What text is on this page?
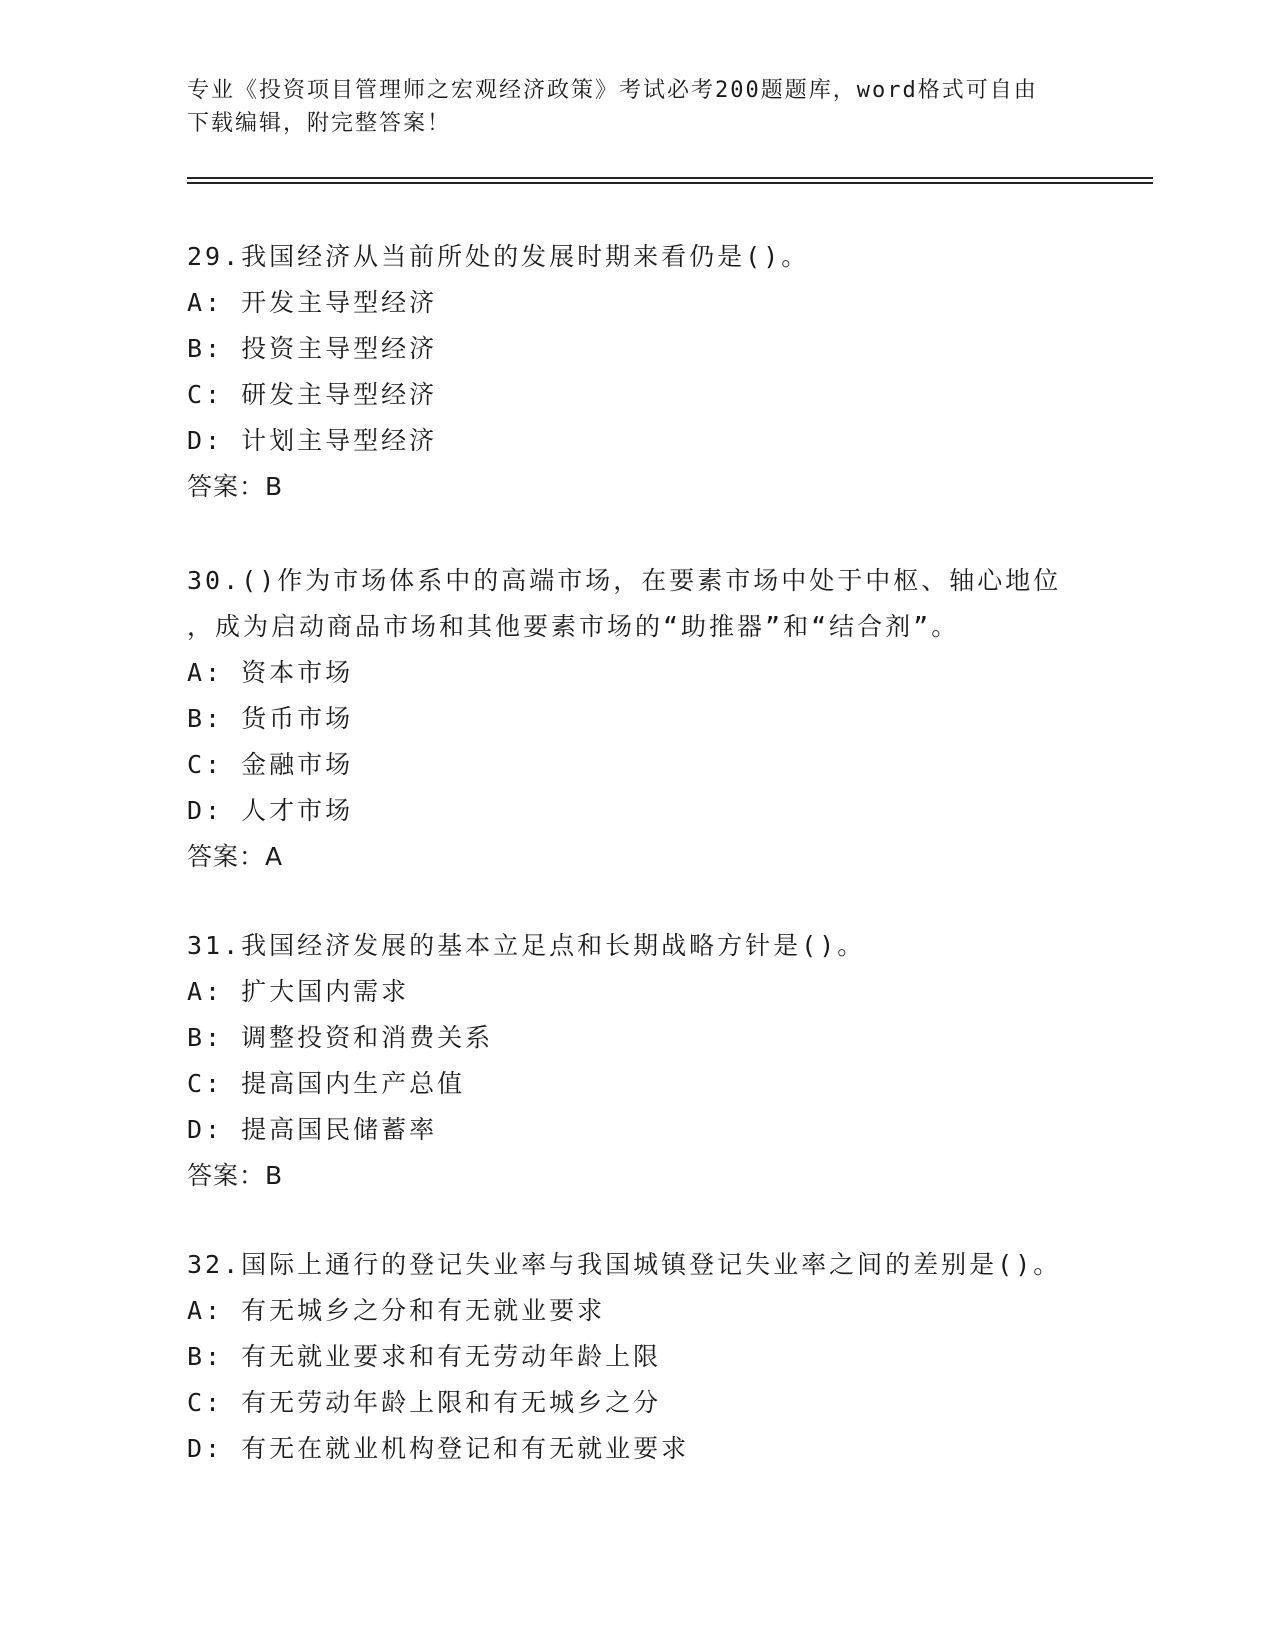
专业《投资项目管理师之宏观经济政策》考试必考200题题库，word格式可自由
下载编辑，附完整答案！
29.我国经济从当前所处的发展时期来看仍是()。
A: 开发主导型经济
B: 投资主导型经济
C: 研发主导型经济
D: 计划主导型经济
答案：B
30.()作为市场体系中的高端市场，在要素市场中处于中枢、轴心地位
，成为启动商品市场和其他要素市场的“助推器”和“结合剂”。
A: 资本市场
B: 货币市场
C: 金融市场
D: 人才市场
答案：A
31.我国经济发展的基本立足点和长期战略方针是()。
A: 扩大国内需求
B: 调整投资和消费关系
C: 提高国内生产总值
D: 提高国民储蓄率
答案：B
32.国际上通行的登记失业率与我国城镇登记失业率之间的差别是()。
A: 有无城乡之分和有无就业要求
B: 有无就业要求和有无劳动年龄上限
C: 有无劳动年龄上限和有无城乡之分
D: 有无在就业机构登记和有无就业要求
